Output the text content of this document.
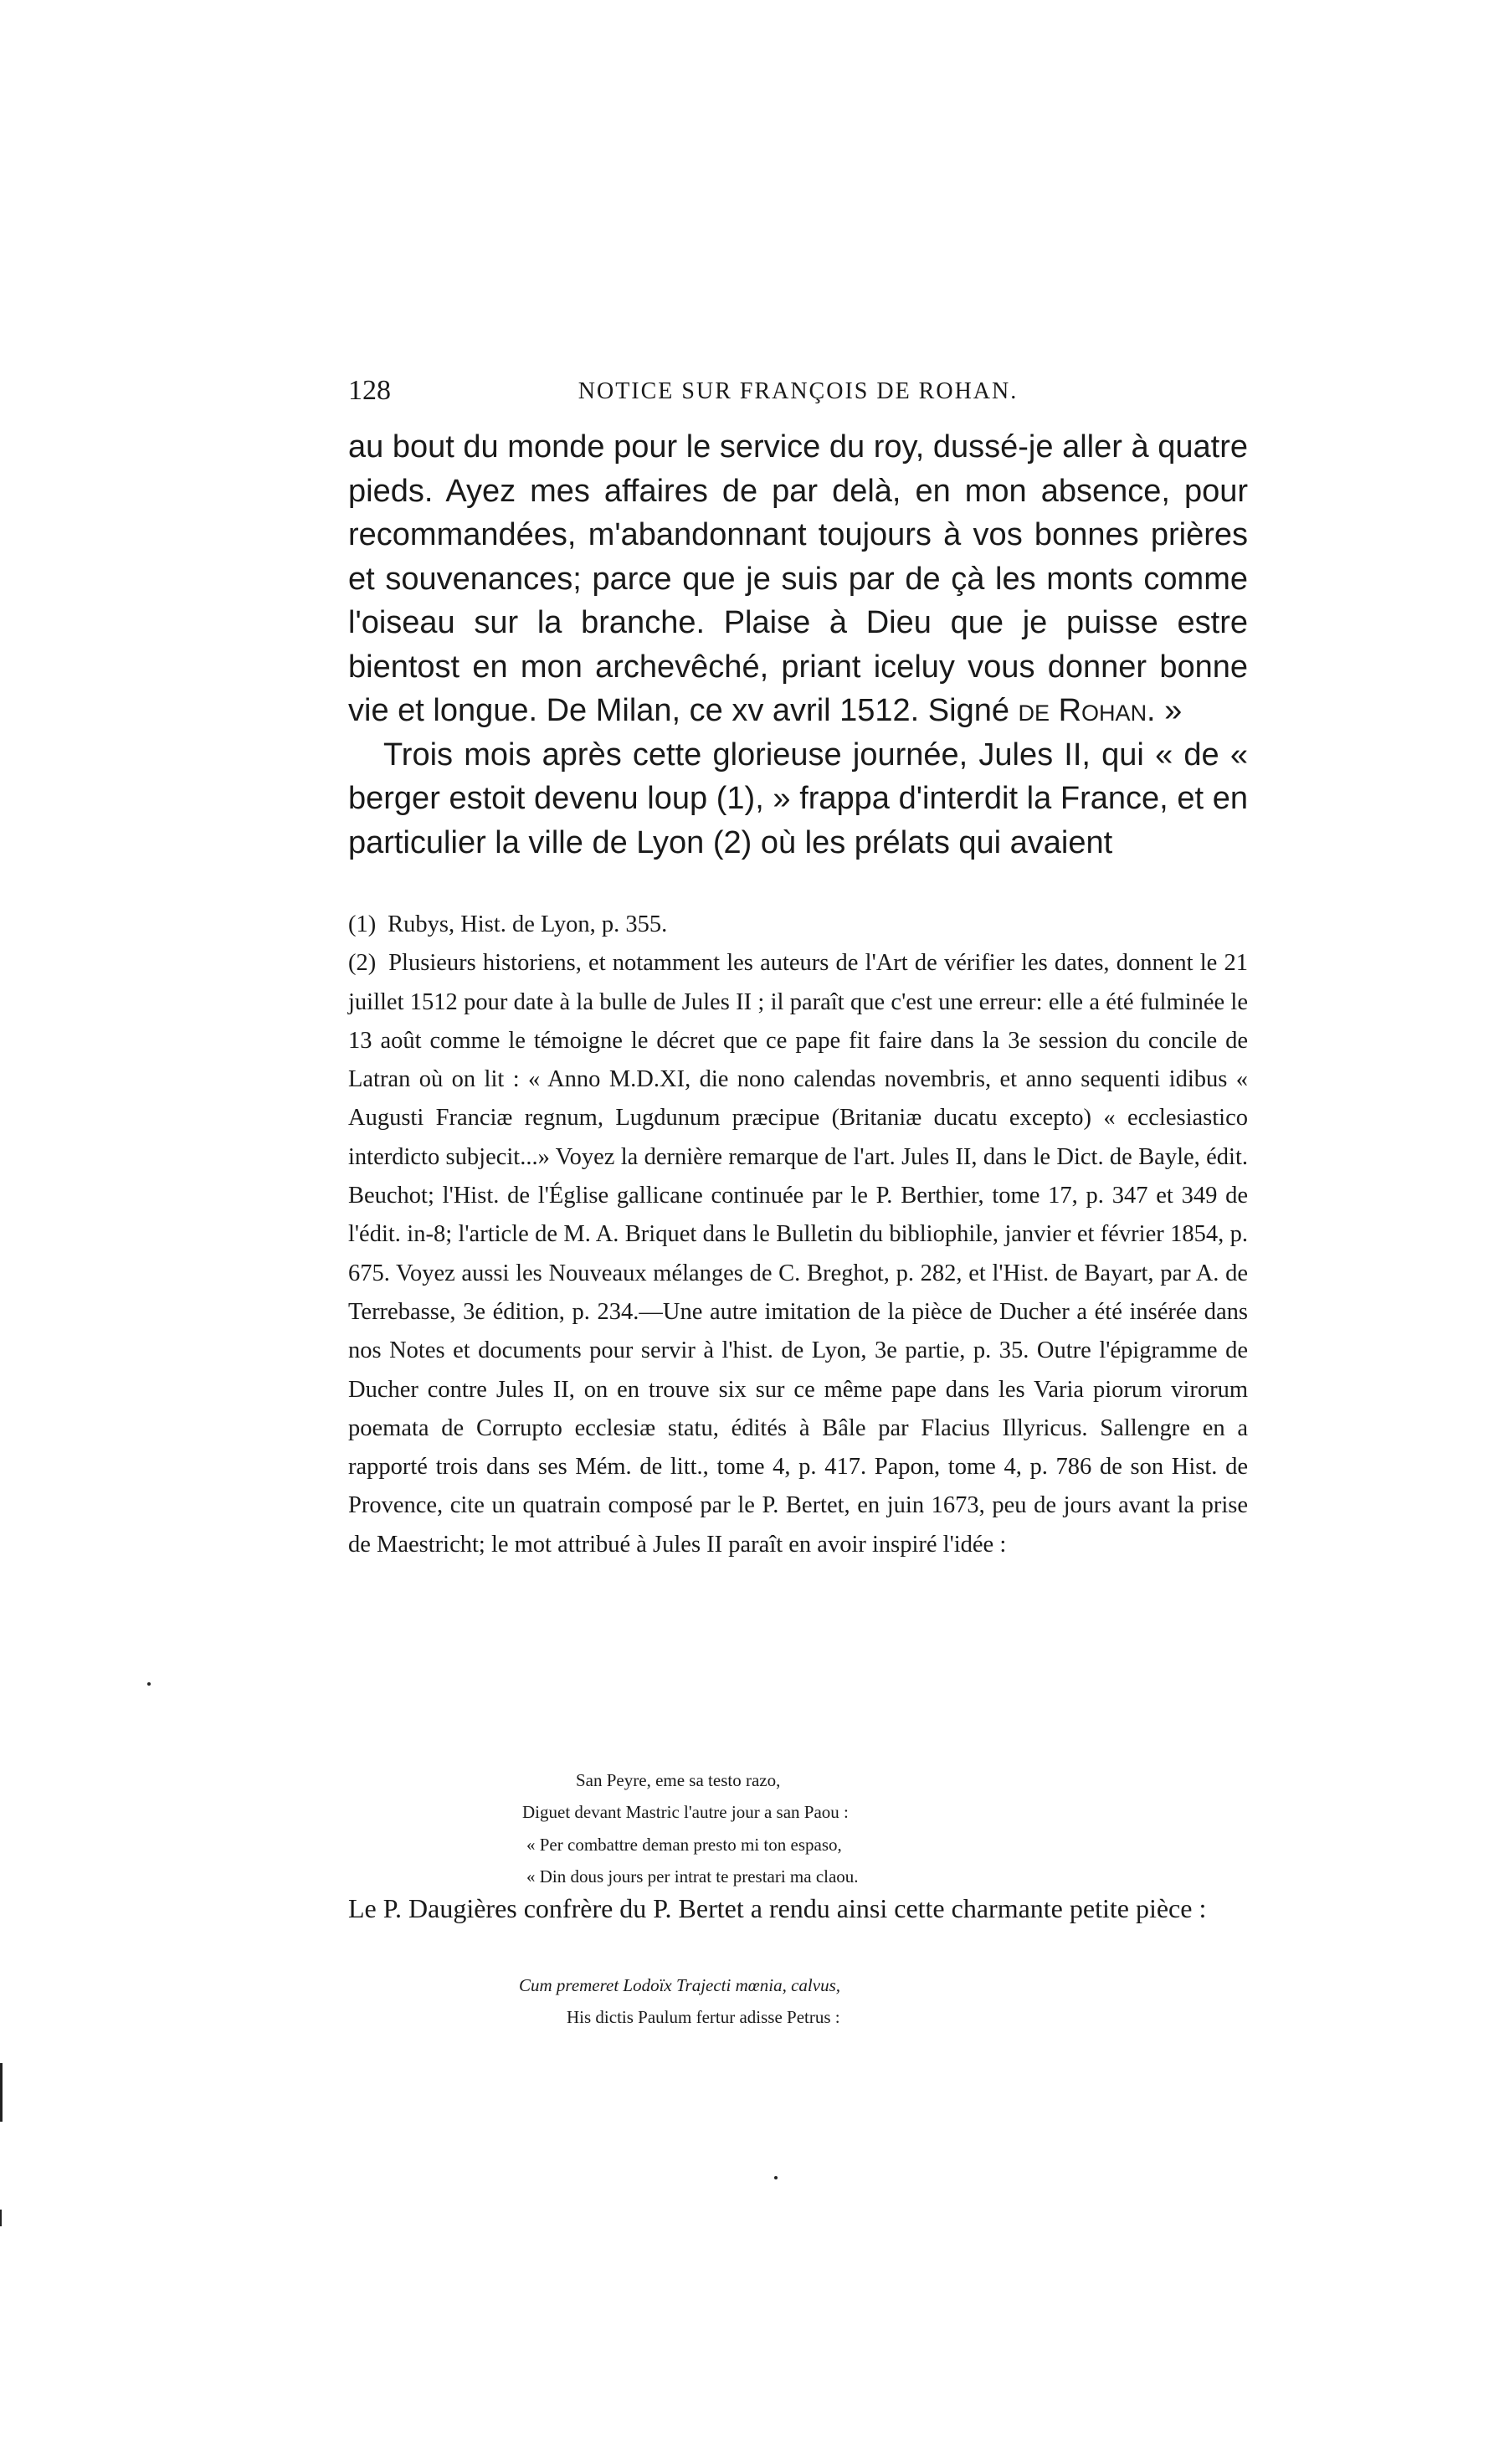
128	NOTICE SUR FRANÇOIS DE ROHAN.

au bout du monde pour le service du roy, dussé-je aller à quatre pieds. Ayez mes affaires de par delà, en mon absence, pour recommandées, m'abandonnant toujours à vos bonnes prières et souvenances; parce que je suis par de çà les monts comme l'oiseau sur la branche. Plaise à Dieu que je puisse estre bientost en mon archevêché, priant iceluy vous donner bonne vie et longue. De Milan, ce xv avril 1512. Signé de Rohan. »

Trois mois après cette glorieuse journée, Jules II, qui « de « berger estoit devenu loup (1), » frappa d'interdit la France, et en particulier la ville de Lyon (2) où les prélats qui avaient

(1) Rubys, Hist. de Lyon, p. 355.

(2) Plusieurs historiens, et notamment les auteurs de l'Art de vérifier les dates, donnent le 21 juillet 1512 pour date à la bulle de Jules II ; il paraît que c'est une erreur: elle a été fulminée le 13 août comme le témoigne le décret que ce pape fit faire dans la 3e session du concile de Latran où on lit : « Anno M.D.XI, die nono calendas novembris, et anno sequenti idibus « Augusti Franciæ regnum, Lugdunum præcipue (Britaniæ ducatu excepto) « ecclesiastico interdicto subjecit...» Voyez la dernière remarque de l'art. Jules II, dans le Dict. de Bayle, édit. Beuchot; l'Hist. de l'Église gallicane continuée par le P. Berthier, tome 17, p. 347 et 349 de l'édit. in-8; l'article de M. A. Briquet dans le Bulletin du bibliophile, janvier et février 1854, p. 675. Voyez aussi les Nouveaux mélanges de C. Breghot, p. 282, et l'Hist. de Bayart, par A. de Terrebasse, 3e édition, p. 234.—Une autre imitation de la pièce de Ducher a été insérée dans nos Notes et documents pour servir à l'hist. de Lyon, 3e partie, p. 35. Outre l'épigramme de Ducher contre Jules II, on en trouve six sur ce même pape dans les Varia piorum virorum poemata de Corrupto ecclesiæ statu, édités à Bâle par Flacius Illyricus. Sallengre en a rapporté trois dans ses Mém. de litt., tome 4, p. 417. Papon, tome 4, p. 786 de son Hist. de Provence, cite un quatrain composé par le P. Bertet, en juin 1673, peu de jours avant la prise de Maestricht; le mot attribué à Jules II paraît en avoir inspiré l'idée :

San Peyre, eme sa testo razo,
Diguet devant Mastric l'autre jour a san Paou :
« Per combattre deman presto mi ton espaso,
« Din dous jours per intrat te prestari ma claou.
Le P. Daugières confrère du P. Bertet a rendu ainsi cette charmante petite pièce :
Cum premeret Lodoïx Trajecti mœnia, calvus,
His dictis Paulum fertur adisse Petrus :
